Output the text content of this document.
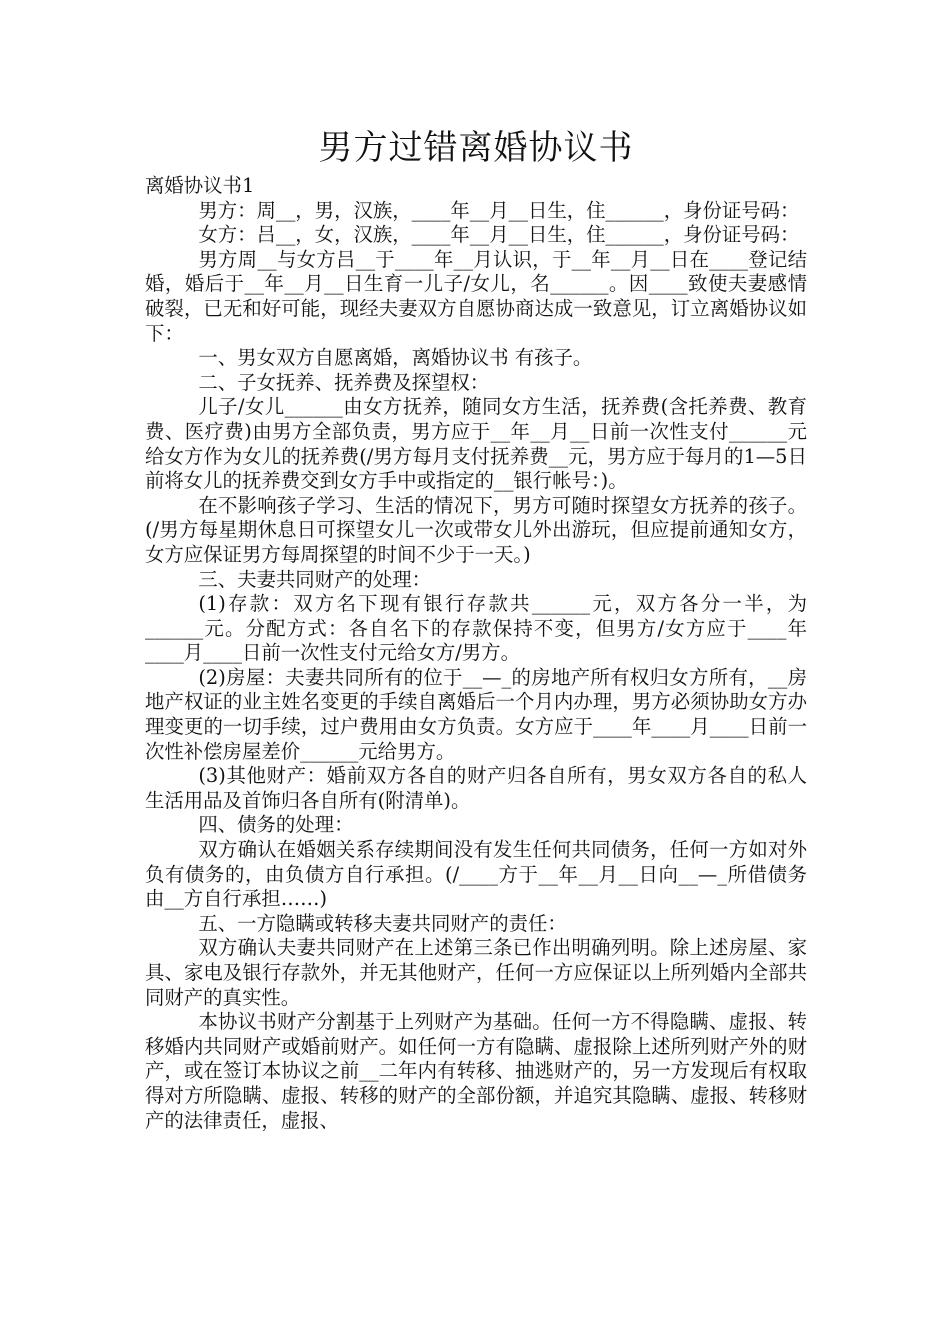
男方过错离婚协议书

离婚协议书1

男方：周__，男，汉族，____年__月__日生，住______，身份证号码：

女方：吕__，女，汉族，____年__月__日生，住______，身份证号码：

男方周__与女方吕__于____年__月认识，于__年__月__日在____登记结婚，婚后于__年__月__日生育一儿子/女儿，名______。因____致使夫妻感情破裂，已无和好可能，现经夫妻双方自愿协商达成一致意见，订立离婚协议如下：

一、男女双方自愿离婚，离婚协议书 有孩子。

二、子女抚养、抚养费及探望权：

儿子/女儿______由女方抚养，随同女方生活，抚养费(含托养费、教育费、医疗费)由男方全部负责，男方应于__年__月__日前一次性支付______元给女方作为女儿的抚养费(/男方每月支付抚养费__元，男方应于每月的1—5日前将女儿的抚养费交到女方手中或指定的__银行帐号：)。

在不影响孩子学习、生活的情况下，男方可随时探望女方抚养的孩子。(/男方每星期休息日可探望女儿一次或带女儿外出游玩，但应提前通知女方，女方应保证男方每周探望的时间不少于一天。)

三、夫妻共同财产的处理：

(1)存款：双方名下现有银行存款共______元，双方各分一半，为______元。分配方式：各自名下的存款保持不变，但男方/女方应于____年____月____日前一次性支付元给女方/男方。

(2)房屋：夫妻共同所有的位于__—_的房地产所有权归女方所有，__房地产权证的业主姓名变更的手续自离婚后一个月内办理，男方必须协助女方办理变更的一切手续，过户费用由女方负责。女方应于____年____月____日前一次性补偿房屋差价______元给男方。

(3)其他财产：婚前双方各自的财产归各自所有，男女双方各自的私人生活用品及首饰归各自所有(附清单)。

四、债务的处理：

双方确认在婚姻关系存续期间没有发生任何共同债务，任何一方如对外负有债务的，由负债方自行承担。(/____方于__年__月__日向__—_所借债务由__方自行承担……)

五、一方隐瞒或转移夫妻共同财产的责任：

双方确认夫妻共同财产在上述第三条已作出明确列明。除上述房屋、家具、家电及银行存款外，并无其他财产，任何一方应保证以上所列婚内全部共同财产的真实性。

本协议书财产分割基于上列财产为基础。任何一方不得隐瞒、虚报、转移婚内共同财产或婚前财产。如任何一方有隐瞒、虚报除上述所列财产外的财产，或在签订本协议之前__二年内有转移、抽逃财产的，另一方发现后有权取得对方所隐瞒、虚报、转移的财产的全部份额，并追究其隐瞒、虚报、转移财产的法律责任，虚报、
